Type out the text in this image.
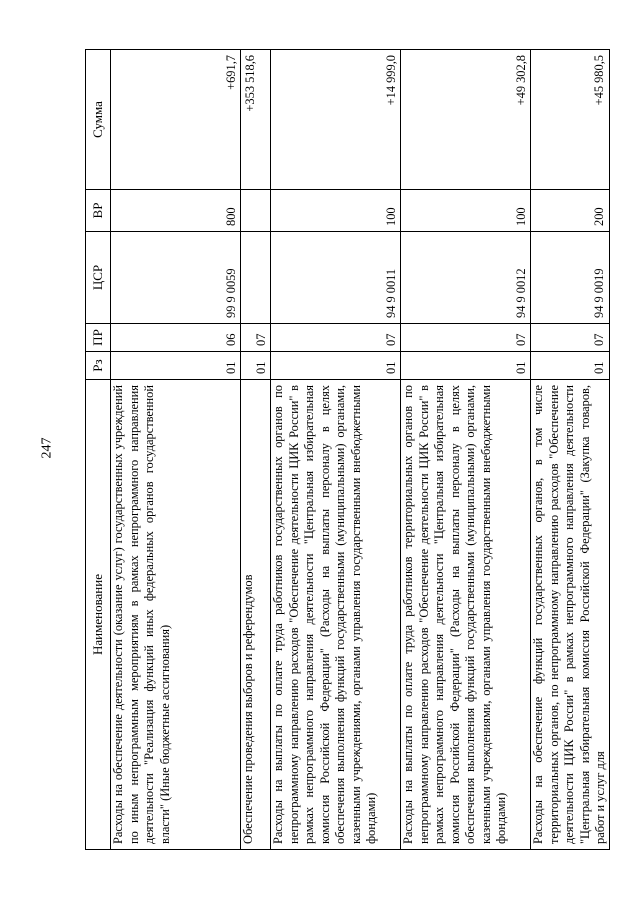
247
Наименование	Рз	ПР	ЦСР	ВР	Сумма
Расходы на обеспечение деятельности (оказание услуг) государственных учреждений по иным непрограммным мероприятиям в рамках непрограммного направления деятельности "Реализация функций иных федеральных органов государственной власти" (Иные бюджетные ассигнования)	01	06	99 9 0059	800	+691,7
Обеспечение проведения выборов и референдумов	01	07			+353 518,6
Расходы на выплаты по оплате труда работников государственных органов по непрограммному направлению расходов "Обеспечение деятельности ЦИК России" в рамках непрограммного направления деятельности "Центральная избирательная комиссия Российской Федерации" (Расходы на выплаты персоналу в целях обеспечения выполнения функций государственными (муниципальными) органами, казенными учреждениями, органами управления государственными внебюджетными фондами)	01	07	94 9 0011	100	+14 999,0
Расходы на выплаты по оплате труда работников территориальных органов по непрограммному направлению расходов "Обеспечение деятельности ЦИК России" в рамках непрограммного направления деятельности "Центральная избирательная комиссия Российской Федерации" (Расходы на выплаты персоналу в целях обеспечения выполнения функций государственными (муниципальными) органами, казенными учреждениями, органами управления государственными внебюджетными фондами)	01	07	94 9 0012	100	+49 302,8
Расходы на обеспечение функций государственных органов, в том числе территориальных органов, по непрограммному направлению расходов "Обеспечение деятельности ЦИК России" в рамках непрограммного направления деятельности "Центральная избирательная комиссия Российской Федерации" (Закупка товаров, работ и услуг для	01	07	94 9 0019	200	+45 980,5
